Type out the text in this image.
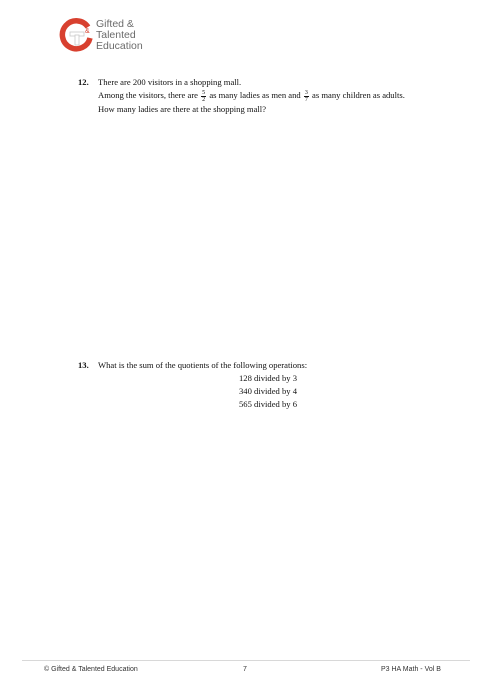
&
Gifted &
Talented
Education
12. There are 200 visitors in a shopping mall.

Among the visitors, there are $\frac{5}{2}$ as many ladies as men and $\frac{3}{7}$ as many children as adults.

How many ladies are there at the shopping mall?

13. What is the sum of the quotients of the following operations:

128 divided by 3

340 divided by 4

565 divided by 6

© Gifted & Talented Education	7	P3 HA Math - Vol B
